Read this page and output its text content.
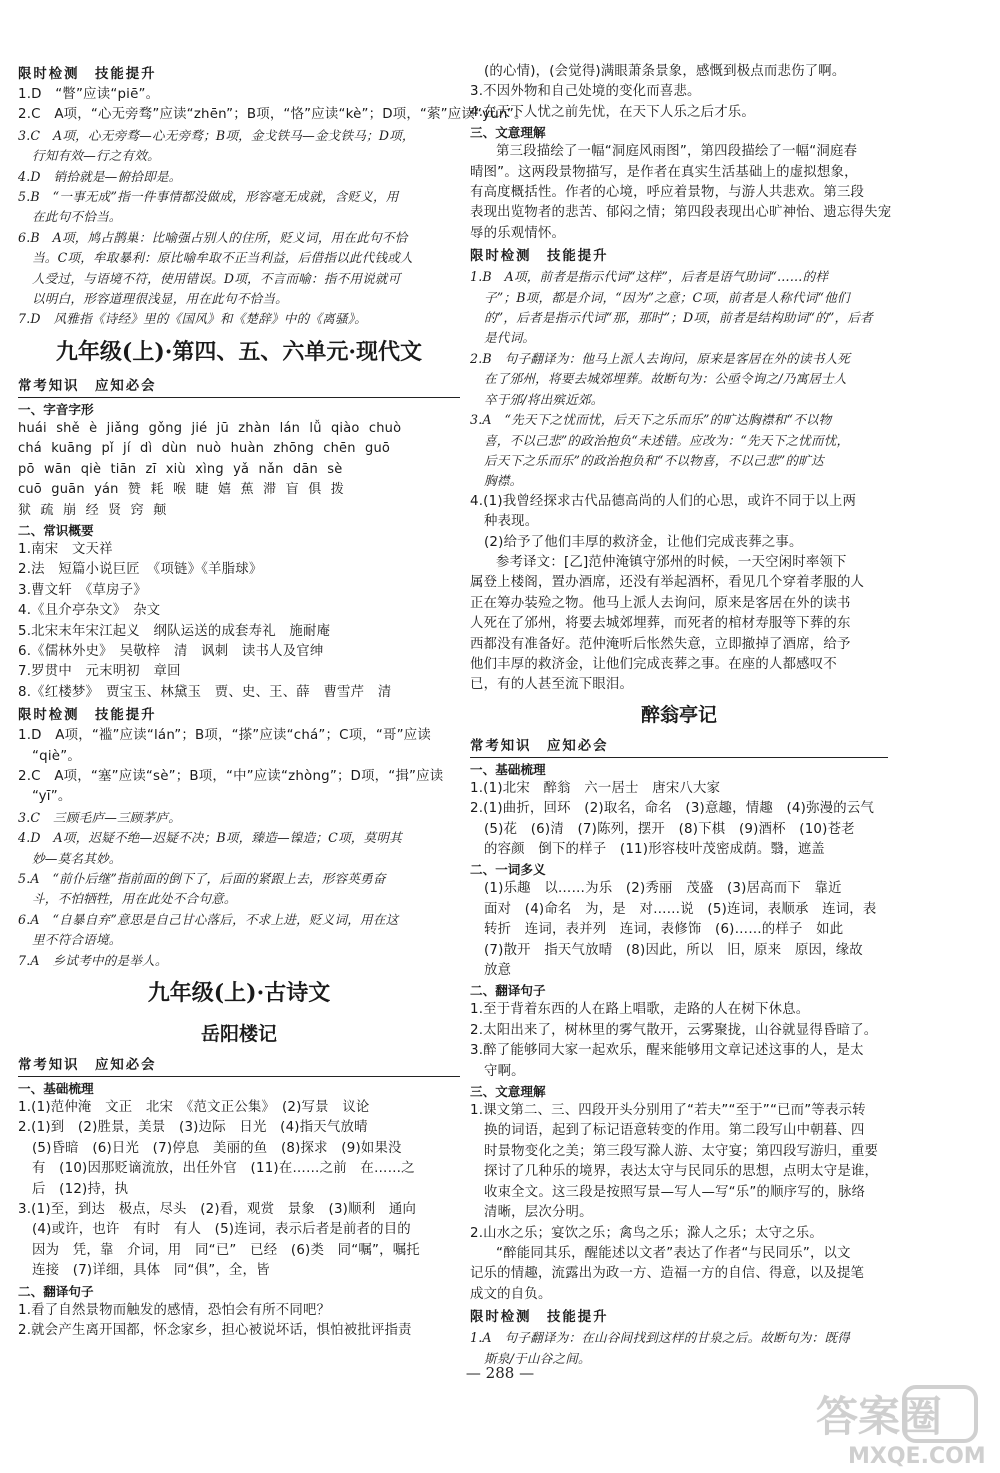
限时检测　技能提升

1.D　“瞥”应读“piē”。

2.C　A项，“心无旁骛”应读“zhēn”；B项，“恪”应读“kè”；D项，“萦”应读“yùn”。

3.C　A项，心无旁骛—心无旁骛；B项，金戈铁马—金戈铁马；D项，

行知有效—行之有效。

4.D　销拾就是—俯拾即是。

5.B　“一事无成”指一件事情都没做成，形容毫无成就，含贬义，用

在此句不恰当。

6.B　A项，鸠占鹊巢：比喻强占别人的住所，贬义词，用在此句不恰

当。C项，牟取暴利：原比喻牟取不正当利益，后借指以此代钱或人

人受过，与语境不符，使用错误。D项，不言而喻：指不用说就可

以明白，形容道理很浅显，用在此句不恰当。

7.D　风雅指《诗经》里的《国风》和《楚辞》中的《离骚》。

九年级(上)·第四、五、六单元·现代文
常考知识　应知必会
一、字音字形

huái shě è jiǎng gǒng jié jū zhàn lán lǚ qiào chuò

chá kuāng pǐ jí dì dùn nuò huàn zhōng chēn guō

pō wān qiè tiān zī xiù xìng yǎ nǎn dān sè

cuō guān yán 赞 耗 喉 睫 嬉 蕉 滞 盲 俱 拨

狱 疏 崩 经 贤 窍 颠

二、常识概要

1.南宋　文天祥

2.法　短篇小说巨匠　《项链》《羊脂球》

3.曹文轩　《草房子》

4.《且介亭杂文》　杂文

5.北宋末年宋江起义　纲队运送的成套寿礼　施耐庵

6.《儒林外史》　吴敬梓　清　讽刺　读书人及官绅

7.罗贯中　元末明初　章回

8.《红楼梦》　贾宝玉、林黛玉　贾、史、王、薛　曹雪芹　清

限时检测　技能提升

1.D　A项，“褴”应读“lán”；B项，“搽”应读“chá”；C项，“哥”应读

“qiè”。

2.C　A项，“塞”应读“sè”；B项，“中”应读“zhòng”；D项，“揖”应读

“yī”。

3.C　三顾毛庐—三顾茅庐。

4.D　A项，迟疑不绝—迟疑不决；B项，臻造—镍造；C项，莫明其

妙—莫名其妙。

5.A　“前仆后继”指前面的倒下了，后面的紧跟上去，形容英勇奋

斗，不怕牺牲，用在此处不合句意。

6.A　“自暴自弃”意思是自己甘心落后，不求上进，贬义词，用在这

里不符合语境。

7.A　乡试考中的是举人。

九年级(上)·古诗文
岳阳楼记
常考知识　应知必会
一、基础梳理

1.(1)范仲淹　文正　北宋　《范文正公集》　(2)写景　议论

2.(1)到　(2)胜景，美景　(3)边际　日光　(4)指天气放晴

(5)昏暗　(6)日光　(7)停息　美丽的鱼　(8)探求　(9)如果没

有　(10)因那贬谪流放，出任外官　(11)在……之前　在……之

后　(12)持，执

3.(1)至，到达　极点，尽头　(2)看，观赏　景象　(3)顺利　通向

(4)或许，也许　有时　有人　(5)连词，表示后者是前者的目的

因为　凭，靠　介词，用　同“已”　已经　(6)类　同“嘱”，嘱托

连接　(7)详细，具体　同“俱”，全，皆

二、翻译句子

1.看了自然景物而触发的感情，恐怕会有所不同吧？

2.就会产生离开国都，怀念家乡，担心被说坏话，惧怕被批评指责

(的心情)，(会觉得)满眼萧条景象，感慨到极点而悲伤了啊。

3.不因外物和自己处境的变化而喜悲。

4.在天下人忧之前先忧，在天下人乐之后才乐。

三、文意理解

第三段描绘了一幅“洞庭风雨图”，第四段描绘了一幅“洞庭春

晴图”。这两段景物描写，是作者在真实生活基础上的虚拟想象，

有高度概括性。作者的心境，呼应着景物，与游人共悲欢。第三段

表现出览物者的悲苦、郁闷之情；第四段表现出心旷神怡、遗忘得失宠

辱的乐观情怀。

限时检测　技能提升

1.B　A项，前者是指示代词“这样”，后者是语气助词“……的样

子”；B项，都是介词，“因为”之意；C项，前者是人称代词“他们

的”，后者是指示代词“那，那时”；D项，前者是结构助词“的”，后者

是代词。

2.B　句子翻译为：他马上派人去询问，原来是客居在外的读书人死

在了邠州，将要去城郊埋葬。故断句为：公亟令询之/乃寓居士人

卒于邠/将出殡近郊。

3.A　“先天下之忧而忧，后天下之乐而乐”的旷达胸襟和“不以物

喜，不以己悲”的政治抱负“未述错。应改为：“先天下之忧而忧，

后天下之乐而乐”的政治抱负和“不以物喜，不以己悲”的旷达

胸襟。

4.(1)我曾经探求古代品德高尚的人们的心思，或许不同于以上两

种表现。

(2)给予了他们丰厚的救济金，让他们完成丧葬之事。

参考译文：[乙]范仲淹镇守邠州的时候，一天空闲时率领下

属登上楼阁，置办酒席，还没有举起酒杯，看见几个穿着孝服的人

正在筹办装殓之物。他马上派人去询问，原来是客居在外的读书

人死在了邠州，将要去城郊埋葬，而死者的棺材寿服等下葬的东

西都没有准备好。范仲淹听后怅然失意，立即撤掉了酒席，给予

他们丰厚的救济金，让他们完成丧葬之事。在座的人都感叹不

已，有的人甚至流下眼泪。

醉翁亭记
常考知识　应知必会
一、基础梳理

1.(1)北宋　醉翁　六一居士　唐宋八大家

2.(1)曲折，回环　(2)取名，命名　(3)意趣，情趣　(4)弥漫的云气

(5)花　(6)清　(7)陈列，摆开　(8)下棋　(9)酒杯　(10)苍老

的容颜　倒下的样子　(11)形容枝叶茂密成荫。翳，遮盖

二、一词多义

(1)乐趣　以……为乐　(2)秀丽　茂盛　(3)居高而下　靠近

面对　(4)命名　为，是　对……说　(5)连词，表顺承　连词，表

转折　连词，表并列　连词，表修饰　(6)……的样子　如此

(7)散开　指天气放晴　(8)因此，所以　旧，原来　原因，缘故

放意

二、翻译句子

1.至于背着东西的人在路上唱歌，走路的人在树下休息。

2.太阳出来了，树林里的雾气散开，云雾聚拢，山谷就显得昏暗了。

3.醉了能够同大家一起欢乐，醒来能够用文章记述这事的人，是太

守啊。

三、文意理解

1.课文第二、三、四段开头分别用了“若夫”“至于”“已而”等表示转

换的词语，起到了标记语意转变的作用。第二段写山中朝暮、四

时景物变化之美；第三段写滁人游、太守宴；第四段写游归，重要

探讨了几种乐的境界，表达太守与民同乐的思想，点明太守是谁，

收束全文。这三段是按照写景—写人—写“乐”的顺序写的，脉络

清晰，层次分明。

2.山水之乐；宴饮之乐；禽鸟之乐；滁人之乐；太守之乐。

“醉能同其乐，醒能述以文者”表达了作者“与民同乐”，以文

记乐的情趣，流露出为政一方、造福一方的自信、得意，以及提笔

成文的自负。

限时检测　技能提升

1.A　句子翻译为：在山谷间找到这样的甘泉之后。故断句为：既得

斯泉/于山谷之间。

— 288 —
答案圈
MXQE.COM
